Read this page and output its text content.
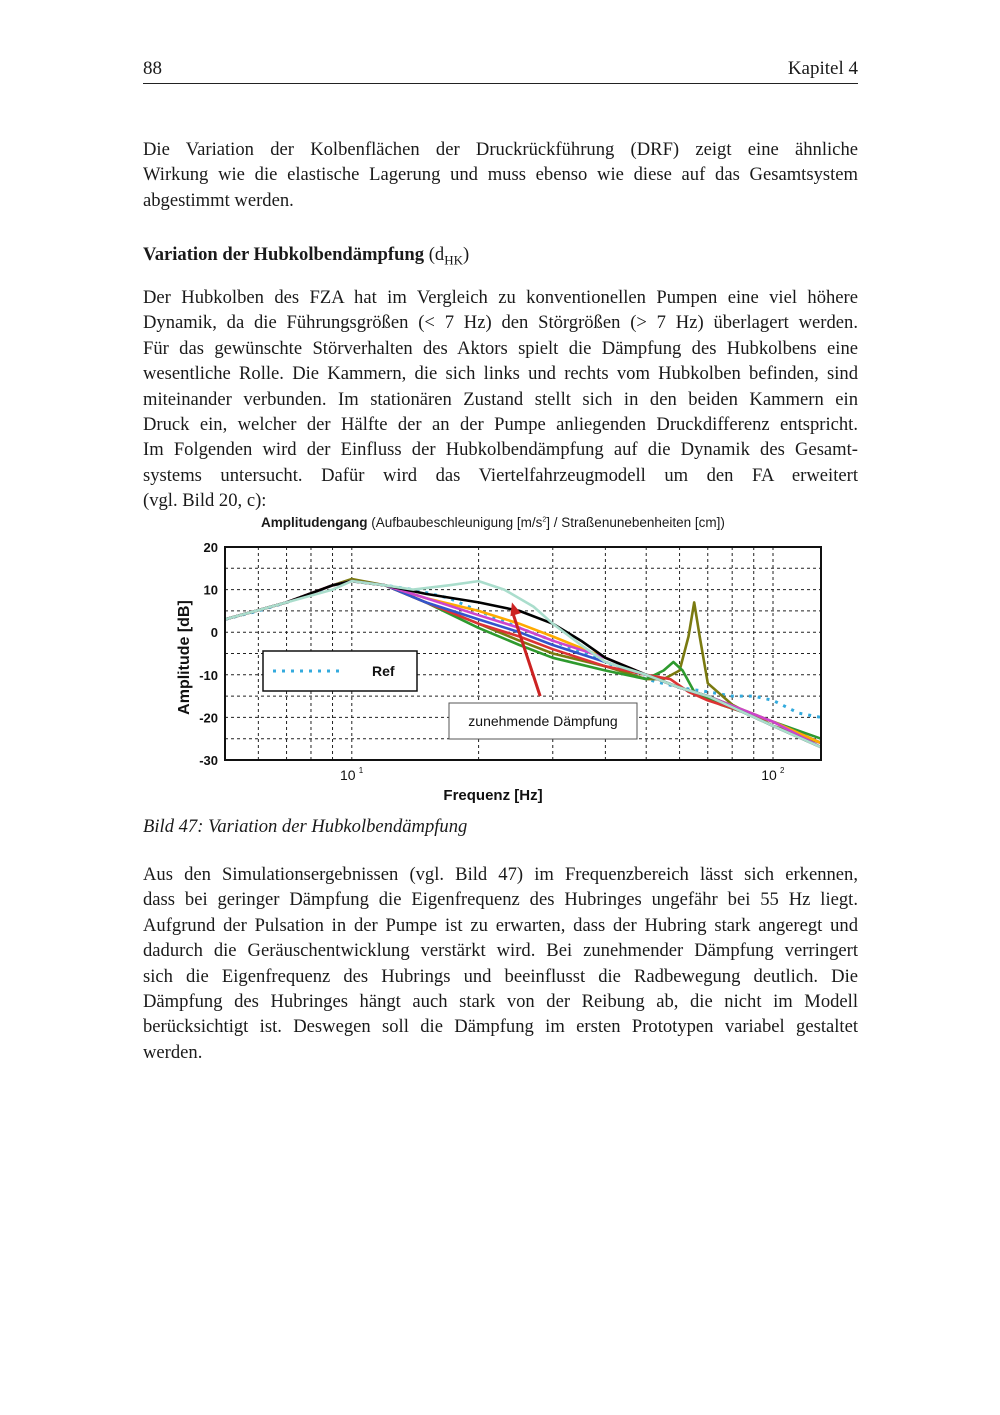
88	Kapitel 4

Die Variation der Kolbenflächen der Druckrückführung (DRF) zeigt eine ähnliche
Wirkung wie die elastische Lagerung und muss ebenso wie diese auf das Gesamtsystem
abgestimmt werden.

Variation der Hubkolbendämpfung $(d_{HK})$

Der Hubkolben des FZA hat im Vergleich zu konventionellen Pumpen eine viel höhere
Dynamik, da die Führungsgrößen (< 7 Hz) den Störgrößen (> 7 Hz) überlagert werden.
Für das gewünschte Störverhalten des Aktors spielt die Dämpfung des Hubkolbens eine
wesentliche Rolle. Die Kammern, die sich links und rechts vom Hubkolben befinden, sind
miteinander verbunden. Im stationären Zustand stellt sich in den beiden Kammern ein
Druck ein, welcher der Hälfte der an der Pumpe anliegenden Druckdifferenz entspricht.
Im Folgenden wird der Einfluss der Hubkolbendämpfung auf die Dynamik des Gesamt-
systems untersucht. Dafür wird das Viertelfahrzeugmodell um den FA erweitert
(vgl. Bild 20, c):

Amplitudengang (Aufbaubeschleunigung $[m/s^2]$ / Straßenunebenheiten [cm])
20
10
0
-10
-20
-30
10 1	10 2
Frequenz [Hz]
Amplitude [dB]	Ref
zunehmende Dämpfung
Bild 47: Variation der Hubkolbendämpfung

Aus den Simulationsergebnissen (vgl. Bild 47) im Frequenzbereich lässt sich erkennen,
dass bei geringer Dämpfung die Eigenfrequenz des Hubringes ungefähr bei 55 Hz liegt.
Aufgrund der Pulsation in der Pumpe ist zu erwarten, dass der Hubring stark angeregt und
dadurch die Geräuschentwicklung verstärkt wird. Bei zunehmender Dämpfung verringert
sich die Eigenfrequenz des Hubrings und beeinflusst die Radbewegung deutlich. Die
Dämpfung des Hubringes hängt auch stark von der Reibung ab, die nicht im Modell
berücksichtigt ist. Deswegen soll die Dämpfung im ersten Prototypen variabel gestaltet
werden.
